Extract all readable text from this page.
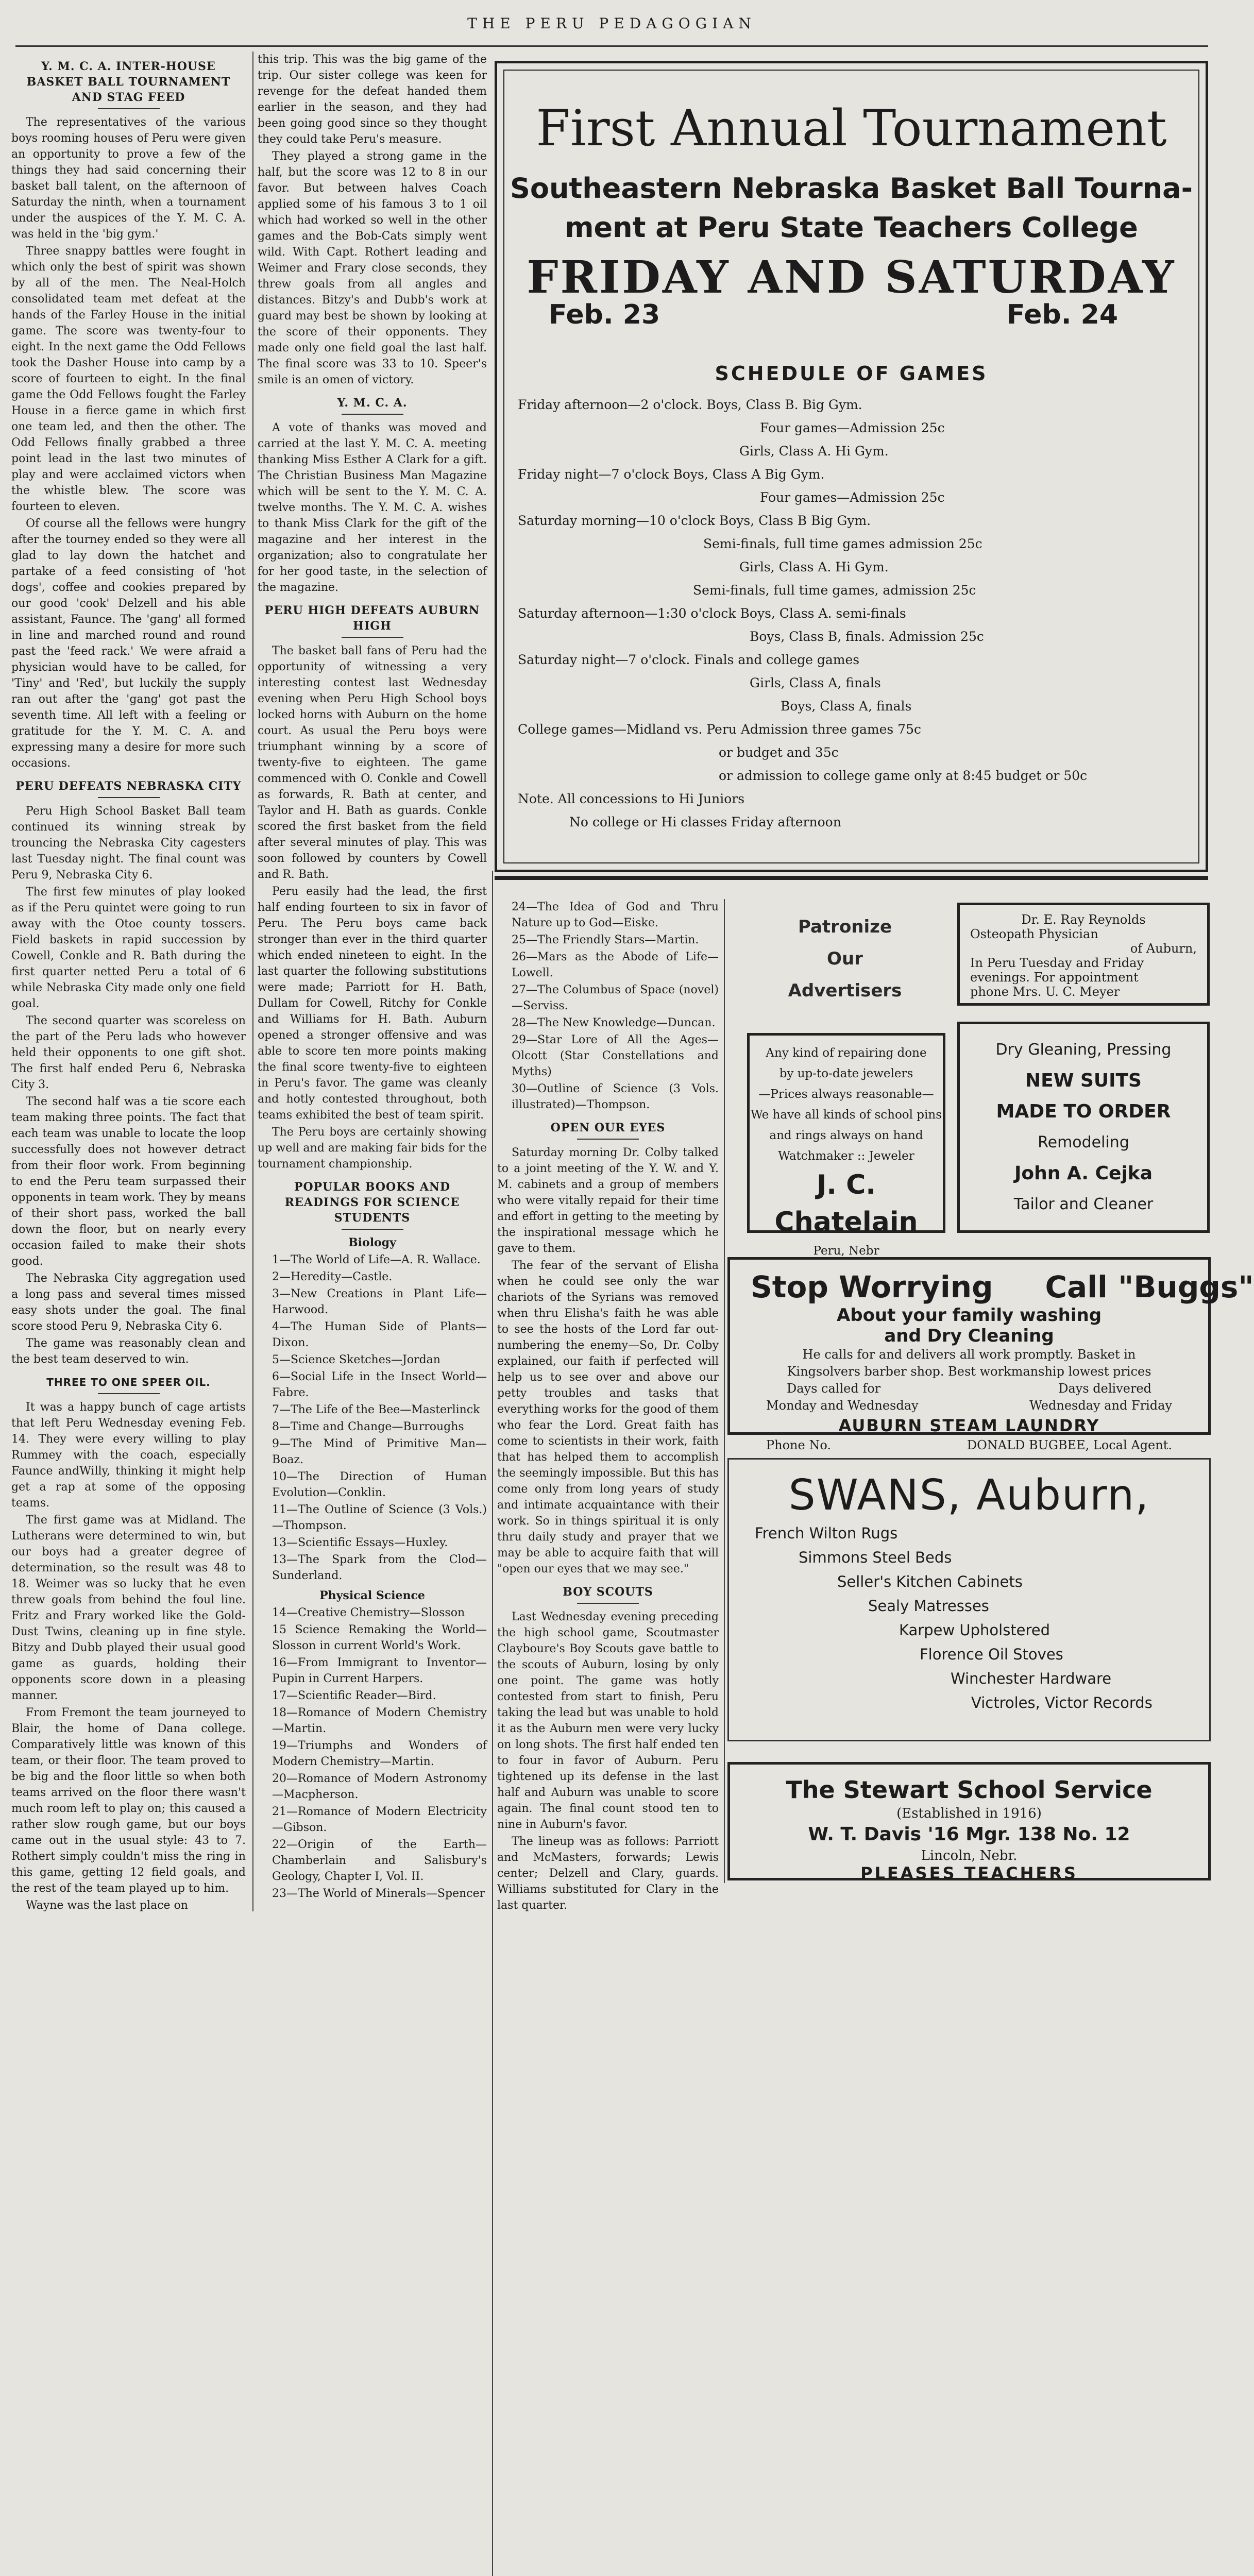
THE PERU PEDAGOGIAN
Y. M. C. A. INTER-HOUSE BASKET BALL TOURNAMENT AND STAG FEED

The representatives of the various boys rooming houses of Peru were given an opportunity to prove a few of the things they had said concerning their basket ball talent, on the afternoon of Saturday the ninth, when a tournament under the auspices of the Y. M. C. A. was held in the 'big gym.'

Three snappy battles were fought in which only the best of spirit was shown by all of the men. The Neal-Holch consolidated team met defeat at the hands of the Farley House in the initial game. The score was twenty-four to eight. In the next game the Odd Fellows took the Dasher House into camp by a score of fourteen to eight. In the final game the Odd Fellows fought the Farley House in a fierce game in which first one team led, and then the other. The Odd Fellows finally grabbed a three point lead in the last two minutes of play and were acclaimed victors when the whistle blew. The score was fourteen to eleven.

Of course all the fellows were hungry after the tourney ended so they were all glad to lay down the hatchet and partake of a feed consisting of 'hot dogs', coffee and cookies prepared by our good 'cook' Delzell and his able assistant, Faunce. The 'gang' all formed in line and marched round and round past the 'feed rack.' We were afraid a physician would have to be called, for 'Tiny' and 'Red', but luckily the supply ran out after the 'gang' got past the seventh time. All left with a feeling or gratitude for the Y. M. C. A. and expressing many a desire for more such occasions.

PERU DEFEATS NEBRASKA CITY

Peru High School Basket Ball team continued its winning streak by trouncing the Nebraska City cagesters last Tuesday night. The final count was Peru 9, Nebraska City 6.

The first few minutes of play looked as if the Peru quintet were going to run away with the Otoe county tossers. Field baskets in rapid succession by Cowell, Conkle and R. Bath during the first quarter netted Peru a total of 6 while Nebraska City made only one field goal.

The second quarter was scoreless on the part of the Peru lads who however held their opponents to one gift shot. The first half ended Peru 6, Nebraska City 3.

The second half was a tie score each team making three points. The fact that each team was unable to locate the loop successfully does not however detract from their floor work. From beginning to end the Peru team surpassed their opponents in team work. They by means of their short pass, worked the ball down the floor, but on nearly every occasion failed to make their shots good.

The Nebraska City aggregation used a long pass and several times missed easy shots under the goal. The final score stood Peru 9, Nebraska City 6.

The game was reasonably clean and the best team deserved to win.

THREE TO ONE SPEER OIL.

It was a happy bunch of cage artists that left Peru Wednesday evening Feb. 14. They were every willing to play Rummey with the coach, especially Faunce andWilly, thinking it might help get a rap at some of the opposing teams.

The first game was at Midland. The Lutherans were determined to win, but our boys had a greater degree of determination, so the result was 48 to 18. Weimer was so lucky that he even threw goals from behind the foul line. Fritz and Frary worked like the Gold-Dust Twins, cleaning up in fine style. Bitzy and Dubb played their usual good game as guards, holding their opponents score down in a pleasing manner.

From Fremont the team journeyed to Blair, the home of Dana college. Comparatively little was known of this team, or their floor. The team proved to be big and the floor little so when both teams arrived on the floor there wasn't much room left to play on; this caused a rather slow rough game, but our boys came out in the usual style: 43 to 7. Rothert simply couldn't miss the ring in this game, getting 12 field goals, and the rest of the team played up to him.

Wayne was the last place on

this trip. This was the big game of the trip. Our sister college was keen for revenge for the defeat handed them earlier in the season, and they had been going good since so they thought they could take Peru's measure.

They played a strong game in the half, but the score was 12 to 8 in our favor. But between halves Coach applied some of his famous 3 to 1 oil which had worked so well in the other games and the Bob-Cats simply went wild. With Capt. Rothert leading and Weimer and Frary close seconds, they threw goals from all angles and distances. Bitzy's and Dubb's work at guard may best be shown by looking at the score of their opponents. They made only one field goal the last half. The final score was 33 to 10. Speer's smile is an omen of victory.

Y. M. C. A.

A vote of thanks was moved and carried at the last Y. M. C. A. meeting thanking Miss Esther A Clark for a gift. The Christian Business Man Magazine which will be sent to the Y. M. C. A. twelve months. The Y. M. C. A. wishes to thank Miss Clark for the gift of the magazine and her interest in the organization; also to congratulate her for her good taste, in the selection of the magazine.

PERU HIGH DEFEATS AUBURN HIGH

The basket ball fans of Peru had the opportunity of witnessing a very interesting contest last Wednesday evening when Peru High School boys locked horns with Auburn on the home court. As usual the Peru boys were triumphant winning by a score of twenty-five to eighteen. The game commenced with O. Conkle and Cowell as forwards, R. Bath at center, and Taylor and H. Bath as guards. Conkle scored the first basket from the field after several minutes of play. This was soon followed by counters by Cowell and R. Bath.

Peru easily had the lead, the first half ending fourteen to six in favor of Peru. The Peru boys came back stronger than ever in the third quarter which ended nineteen to eight. In the last quarter the following substitutions were made; Parriott for H. Bath, Dullam for Cowell, Ritchy for Conkle and Williams for H. Bath. Auburn opened a stronger offensive and was able to score ten more points making the final score twenty-five to eighteen in Peru's favor. The game was cleanly and hotly contested throughout, both teams exhibited the best of team spirit.

The Peru boys are certainly showing up well and are making fair bids for the tournament championship.

POPULAR BOOKS AND READINGS FOR SCIENCE STUDENTS
Biology

1—The World of Life—A. R. Wallace.

2—Heredity—Castle.

3—New Creations in Plant Life—Harwood.

4—The Human Side of Plants—Dixon.

5—Science Sketches—Jordan

6—Social Life in the Insect World—Fabre.

7—The Life of the Bee—Masterlinck

8—Time and Change—Burroughs

9—The Mind of Primitive Man—Boaz.

10—The Direction of Human Evolution—Conklin.

11—The Outline of Science (3 Vols.)—Thompson.

13—Scientific Essays—Huxley.

13—The Spark from the Clod—Sunderland.

Physical Science

14—Creative Chemistry—Slosson

15 Science Remaking the World—Slosson in current World's Work.

16—From Immigrant to Inventor—Pupin in Current Harpers.

17—Scientific Reader—Bird.

18—Romance of Modern Chemistry—Martin.

19—Triumphs and Wonders of Modern Chemistry—Martin.

20—Romance of Modern Astronomy—Macpherson.

21—Romance of Modern Electricity—Gibson.

22—Origin of the Earth—Chamberlain and Salisbury's Geology, Chapter I, Vol. II.

23—The World of Minerals—Spencer

First Annual Tournament
Southeastern Nebraska Basket Ball Tourna-
ment at Peru State Teachers College
FRIDAY AND SATURDAY
Feb. 23	Feb. 24
SCHEDULE OF GAMES
Friday afternoon—2 o'clock. Boys, Class B. Big Gym.
Four games—Admission 25c
Girls, Class A. Hi Gym.
Friday night—7 o'clock Boys, Class A Big Gym.
Four games—Admission 25c
Saturday morning—10 o'clock Boys, Class B Big Gym.
Semi-finals, full time games admission 25c
Girls, Class A. Hi Gym.
Semi-finals, full time games, admission 25c
Saturday afternoon—1:30 o'clock Boys, Class A. semi-finals
Boys, Class B, finals. Admission 25c
Saturday night—7 o'clock. Finals and college games
Girls, Class A, finals
Boys, Class A, finals
College games—Midland vs. Peru Admission three games 75c
or budget and 35c
or admission to college game only at 8:45 budget or 50c
Note. All concessions to Hi Juniors
No college or Hi classes Friday afternoon

24—The Idea of God and Thru Nature up to God—Eiske.

25—The Friendly Stars—Martin.

26—Mars as the Abode of Life—Lowell.

27—The Columbus of Space (novel)—Serviss.

28—The New Knowledge—Duncan.

29—Star Lore of All the Ages—Olcott (Star Constellations and Myths)

30—Outline of Science (3 Vols. illustrated)—Thompson.

OPEN OUR EYES

Saturday morning Dr. Colby talked to a joint meeting of the Y. W. and Y. M. cabinets and a group of members who were vitally repaid for their time and effort in getting to the meeting by the inspirational message which he gave to them.

The fear of the servant of Elisha when he could see only the war chariots of the Syrians was removed when thru Elisha's faith he was able to see the hosts of the Lord far out-numbering the enemy—So, Dr. Colby explained, our faith if perfected will help us to see over and above our petty troubles and tasks that everything works for the good of them who fear the Lord. Great faith has come to scientists in their work, faith that has helped them to accomplish the seemingly impossible. But this has come only from long years of study and intimate acquaintance with their work. So in things spiritual it is only thru daily study and prayer that we may be able to acquire faith that will "open our eyes that we may see."

BOY SCOUTS

Last Wednesday evening preceding the high school game, Scoutmaster Clayboure's Boy Scouts gave battle to the scouts of Auburn, losing by only one point. The game was hotly contested from start to finish, Peru taking the lead but was unable to hold it as the Auburn men were very lucky on long shots. The first half ended ten to four in favor of Auburn. Peru tightened up its defense in the last half and Auburn was unable to score again. The final count stood ten to nine in Auburn's favor.

The lineup was as follows: Parriott and McMasters, forwards; Lewis center; Delzell and Clary, guards. Williams substituted for Clary in the last quarter.

Patronize
Our
Advertisers
Dr. E. Ray Reynolds
Osteopath Physician
of Auburn,
In Peru Tuesday and Friday
evenings. For appointment
phone Mrs. U. C. Meyer
Any kind of repairing done
by up-to-date jewelers
—Prices always reasonable—
We have all kinds of school pins
and rings always on hand
Watchmaker :: Jeweler
J. C. Chatelain
Peru, Nebr
Dry Gleaning, Pressing
NEW SUITS
MADE TO ORDER
Remodeling
John A. Cejka
Tailor and Cleaner
Stop Worrying     Call "Buggs"
About your family washing
and Dry Cleaning
He calls for and delivers all work promptly. Basket in
Kingsolvers barber shop. Best workmanship lowest prices
Days called for	Days delivered
Monday and Wednesday	Wednesday and Friday
AUBURN STEAM LAUNDRY
Phone No.	DONALD BUGBEE, Local Agent.
SWANS, Auburn,
French Wilton Rugs
Simmons Steel Beds
Seller's Kitchen Cabinets
Sealy Matresses
Karpew Upholstered
Florence Oil Stoves
Winchester Hardware
Victroles, Victor Records
The Stewart School Service
(Established in 1916)
W. T. Davis '16 Mgr. 138 No. 12
Lincoln, Nebr.
PLEASES TEACHERS
